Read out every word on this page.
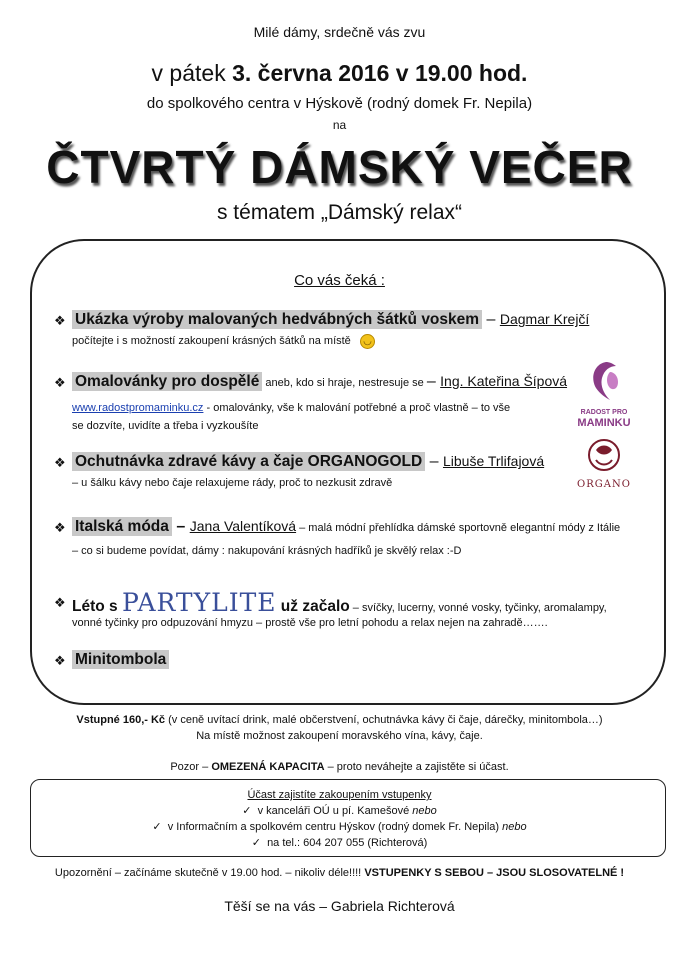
Milé dámy, srdečně vás zvu
v pátek 3. června 2016 v 19.00 hod.
do spolkového centra v Hýskově (rodný domek Fr. Nepila)
na
ČTVRTÝ DÁMSKÝ VEČER
s tématem „Dámský relax“
Co vás čeká :
❖ Ukázka výroby malovaných hedvábných šátků voskem – Dagmar Krejčí
počítejte i s možností zakoupení krásných šátků na místě ◡
❖ Omalovánky pro dospělé aneb, kdo si hraje, nestresuje se – Ing. Kateřina Šípová
www.radostpromaminku.cz - omalovánky, vše k malování potřebné a proč vlastně – to vše
se dozvíte, uvidíte a třeba i vyzkoušíte
RADOST PRO
MAMINKU
❖ Ochutnávka zdravé kávy a čaje ORGANOGOLD – Libuše Trlifajová
– u šálku kávy nebo čaje relaxujeme rády, proč to nezkusit zdravě	ORGANO
❖ Italská móda – Jana Valentíková – malá módní přehlídka dámské sportovně elegantní módy z Itálie
– co si budeme povídat, dámy : nakupování krásných hadříků je skvělý relax :-D
❖ Léto s PARTYLITE už začalo – svíčky, lucerny, vonné vosky, tyčinky, aromalampy,
vonné tyčinky pro odpuzování hmyzu – prostě vše pro letní pohodu a relax nejen na zahradě…….
❖ Minitombola
Vstupné 160,- Kč (v ceně uvítací drink, malé občerstvení, ochutnávka kávy či čaje, dárečky, minitombola…)
Na místě možnost zakoupení moravského vína, kávy, čaje.
Pozor – OMEZENÁ KAPACITA – proto neváhejte a zajistěte si účast.
Účast zajistíte zakoupením vstupenky
✓  v kanceláři OÚ u pí. Kamešové nebo
✓  v Informačním a spolkovém centru Hýskov (rodný domek Fr. Nepila) nebo
✓  na tel.: 604 207 055 (Richterová)
Upozornění – začínáme skutečně v 19.00 hod. – nikoliv déle!!!! VSTUPENKY S SEBOU – JSOU SLOSOVATELNÉ !
Těší se na vás – Gabriela Richterová
